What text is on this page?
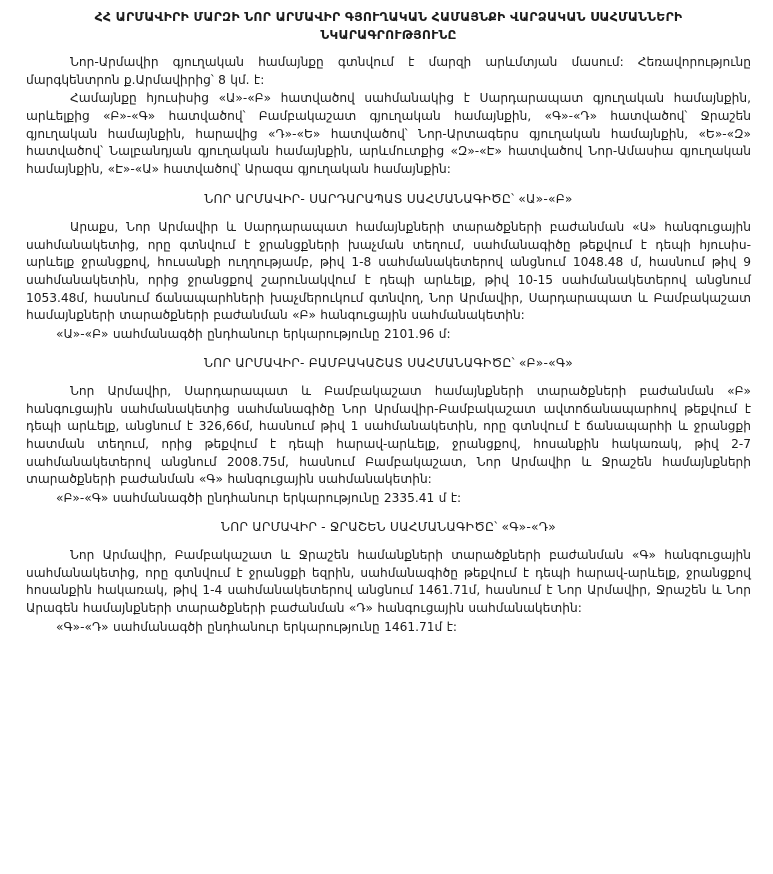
ՀՀ ԱՐՄԱՎԻՐԻ ՄԱՐԶԻ ՆՈՐ ԱՐՄԱՎԻՐ ԳՅՈՒՂԱԿԱՆ ՀԱՄԱՅՆՔԻ ՎԱՐՁԱԿԱՆ ՍԱՀՄԱՆՆԵՐԻ ՆԿԱՐԱԳՐՈՒԹՅՈՒՆԸ

Նոր-Արմավիր գյուղական համայնքը գտնվում է մարզի արևմտյան մասում: Հեռավորությունը մարգկենտրոն ք.Արմավիրից՝ 8 կմ. է:

Համայնքը հյուսիսից «Ա»-«Բ» հատվածով սահմանակից է Սարդարապատ գյուղական համայնքին, արևելքից «Բ»-«Գ» հատվածով՝ Բամբակաշատ գյուղական համայնքին, «Գ»-«Դ» հատվածով՝ Ջրաշեն գյուղական համայնքին, հարավից «Դ»-«Ե» հատվածով՝ Նոր-Արտագերս գյուղական համայնքին, «Ե»-«Զ» հատվածով՝ Նալբանդյան գյուղական համայնքին, արևմուտքից «Զ»-«Է» հատվածով Նոր-Ամասիա գյուղական համայնքին, «Է»-«Ա» հատվածով՝ Արազա գյուղական համայնքին:

ՆՈՐ ԱՐՄԱՎԻՐ- ՍԱՐԴԱՐԱՊԱՏ ՍԱՀՄԱՆԱԳԻԾԸ՝ «Ա»-«Բ»

Արաքս, Նոր Արմավիր և Սարդարապատ համայնքների տարածքների բաժանման «Ա» հանգուցային սահմանակետից, որը գտնվում է ջրանցքների խաչման տեղում, սահմանագիծը թեքվում է դեպի հյուսիս-արևելք ջրանցքով, հուսանքի ուղղությամբ, թիվ 1-8 սահմանակետերով անցնում 1048.48 մ, հասնում թիվ 9 սահմանակետին, որից ջրանցքով շարունակվում է դեպի արևելք, թիվ 10-15 սահմանակետերով անցնում 1053.48մ, հասնում ճանապարհների խաչմերուկում գտնվող, Նոր Արմավիր, Սարդարապատ և Բամբակաշատ համայնքների տարածքների բաժանման «Բ» հանգուցային սահմանակետին:

«Ա»-«Բ» սահմանագծի ընդհանուր երկարությունը 2101.96 մ:

ՆՈՐ ԱՐՄԱՎԻՐ- ԲԱՄԲԱԿԱՇԱՏ ՍԱՀՄԱՆԱԳԻԾԸ՝ «Բ»-«Գ»

Նոր Արմավիր, Սարդարապատ և Բամբակաշատ համայնքների տարածքների բաժանման «Բ» հանգուցային սահմանակետից սահմանագիծը Նոր Արմավիր-Բամբակաշատ ավտոճանապարհով թեքվում է դեպի արևելք, անցնում է 326,66մ, հասնում թիվ 1 սահմանակետին, որը գտնվում է ճանապարհի և ջրանցքի հատման տեղում, որից թեքվում է դեպի հարավ-արևելք, ջրանցքով, հոսանքին հակառակ, թիվ 2-7 սահմանակետերով անցնում 2008.75մ, հասնում Բամբակաշատ, Նոր Արմավիր և Ջրաշեն համայնքների տարածքների բաժանման «Գ» հանգուցային սահմանակետին:

«Բ»-«Գ» սահմանագծի ընդհանուր երկարությունը 2335.41 մ է:

ՆՈՐ ԱՐՄԱՎԻՐ - ՋՐԱՇԵՆ ՍԱՀՄԱՆԱԳԻԾԸ՝ «Գ»-«Դ»

Նոր Արմավիր, Բամբակաշատ և Ջրաշեն համանքների տարածքների բաժանման «Գ» հանգուցային սահմանակետից, որը գտնվում է ջրանցքի եզրին, սահմանագիծը թեքվում է դեպի հարավ-արևելք, ջրանցքով հոսանքին հակառակ, թիվ 1-4 սահմանակետերով անցնում 1461.71մ, հասնում է Նոր Արմավիր, Ջրաշեն և Նոր Արագեն համայնքների տարածքների բաժանման «Դ» հանգուցային սահմանակետին:

«Գ»-«Դ» սահմանագծի ընդհանուր երկարությունը 1461.71մ է:
